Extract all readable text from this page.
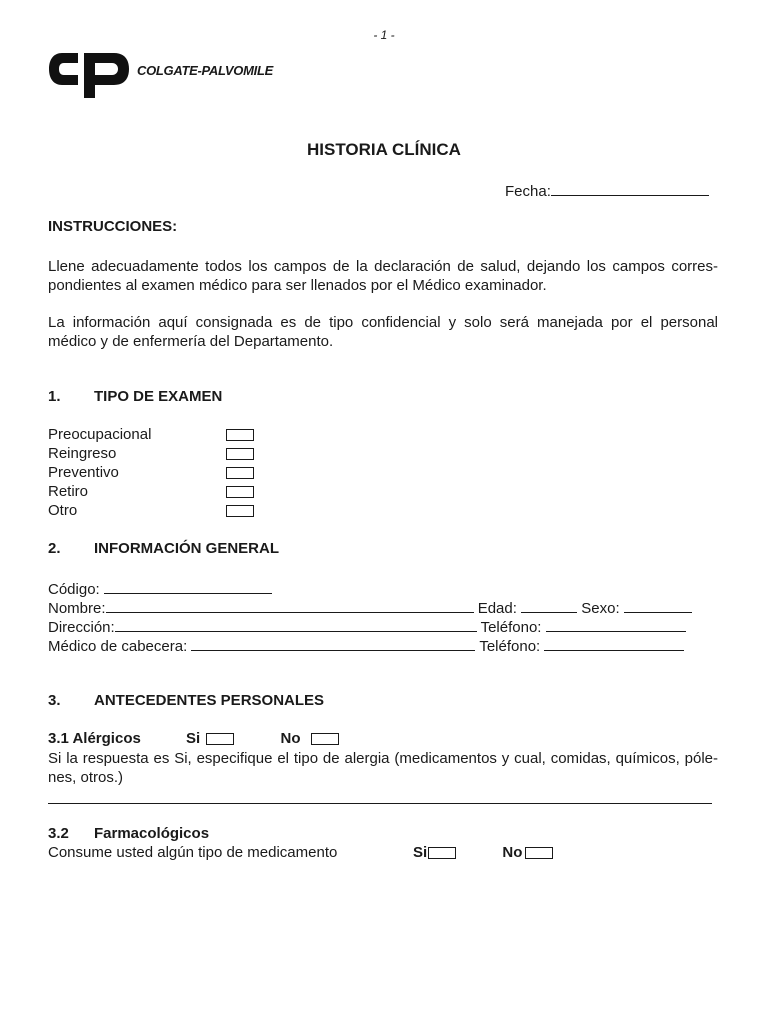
- 1 -
COLGATE-PALVOMILE
HISTORIA CLÍNICA
Fecha:
INSTRUCCIONES:
Llene adecuadamente todos los campos de la declaración de salud, dejando los campos corres-
pondientes al examen médico para ser llenados por el Médico examinador.
La información aquí consignada es de tipo confidencial y solo será manejada por el personal
médico y de enfermería del Departamento.
1. TIPO DE EXAMEN
Preocupacional
Reingreso
Preventivo
Retiro
Otro
2. INFORMACIÓN GENERAL
Código:
Nombre:	Edad:	Sexo:
Dirección:	Teléfono:
Médico de cabecera:	Teléfono:
3. ANTECEDENTES PERSONALES
3.1 Alérgicos	Si	No
Si la respuesta es Si, especifique el tipo de alergia (medicamentos y cual, comidas, químicos, póle-
nes, otros.)
3.2 Farmacológicos
Consume usted algún tipo de medicamento	Si	No
